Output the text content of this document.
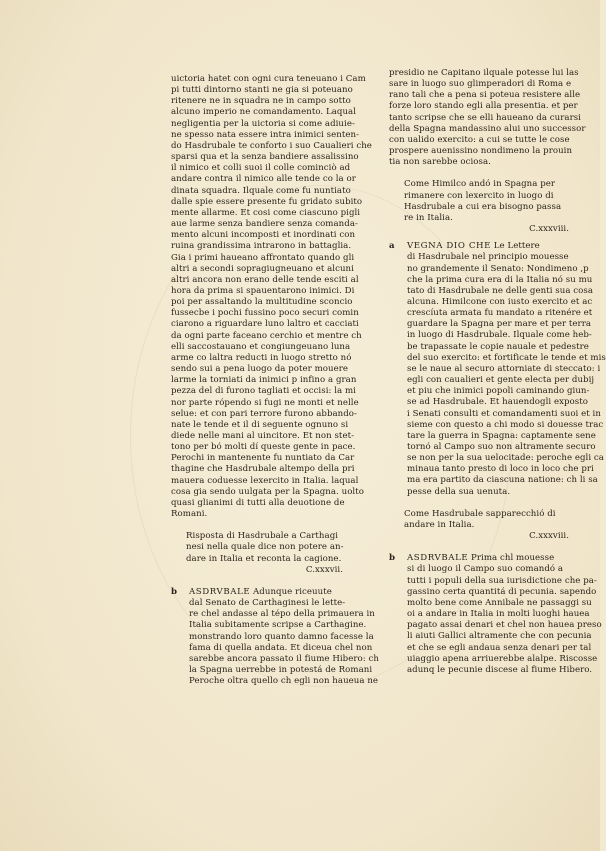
uictoria hatet con ogni cura teneuano i Cam
pi tutti dintorno stanti ne gia si poteuano
ritenere ne in squadra ne in campo sotto
alcuno imperio ne comandamento. Laqual
negligentia per la uictoria si come adiuie-
ne spesso nata essere intra inimici senten-
do Hasdrubale te conforto i suo Caualieri che
sparsi qua et la senza bandiere assalissino
il nimico et colli suoi il colle cominciò ad
andare contra il nimico alle tende co la or
dinata squadra. Ilquale come fu nuntiato
dalle spie essere presente fu gridato subito
mente allarme. Et cosi come ciascuno pigli
aue larme senza bandiere senza comanda-
mento alcuni incomposti et inordinati con
ruina grandissima intrarono in battaglia.
Gia i primi haueano affrontato quando gli
altri a secondi sopragiugneuano et alcuni
altri ancora non erano delle tende esciti al
hora da prima si spauentarono inimici. Di
poi per assaltando la multitudine sconcio
fussecbe i pochi fussino poco securi comin
ciarono a riguardare luno laltro et cacciati
da ogni parte faceano cerchio et mentre ch
elli saccostauano et congiungeuano luna
arme co laltra reducti in luogo stretto nó
sendo sui a pena luogo da poter mouere
larme la torniati da inimici p infino a gran
pezza del di furono tagliati et occisi: la mi
nor parte rópendo si fugi ne monti et nelle
selue: et con pari terrore furono abbando-
nate le tende et il di seguente ognuno si
diede nelle mani al uincitore. Et non stet-
tono per bó molti dí queste gente in pace.
Perochi in mantenente fu nuntiato da Car
thagine che Hasdrubale altempo della pri
mauera coduesse lexercito in Italia. laqual
cosa gia sendo uulgata per la Spagna. uolto
quasi glianimi di tutti alla deuotione de
Romani.
Risposta di Hasdrubale a Carthagi
nesi nella quale dice non potere an-
dare in Italia et reconta la cagione.
C.xxxvii.
b ASDRVBALE Adunque riceuute
dal Senato de Carthaginesi le lette-
re chel andasse al tépo della primauera in
Italia subitamente scripse a Carthagine.
monstrando loro quanto damno facesse la
fama di quella andata. Et diceua chel non
sarebbe ancora passato il fiume Hibero: ch
la Spagna uerrebbe in potestá de Romani
Peroche oltra quello ch egli non haueua ne
presidio ne Capitano ilquale potesse lui las
sare in luogo suo glimperadori di Roma e
rano tali che a pena si poteua resistere alle
forze loro stando egli alla presentia. et per
tanto scripse che se elli haueano da curarsi
della Spagna mandassino alui uno successor
con ualido exercito: a cui se tutte le cose
prospere auenissino nondimeno la prouin
tia non sarebbe ociosa.
Come Himilco andó in Spagna per
rimanere con lexercito in luogo di
Hasdrubale a cui era bisogno passa
re in Italia.
C.xxxviii.
a VEGNA DIO CHE Le Lettere
di Hasdrubale nel principio mouesse
no grandemente il Senato: Nondimeno ,p
che la prima cura era di la Italia nó su mu
tato di Hasdrubale ne delle genti sua cosa
alcuna. Himilcone con iusto exercito et ac
crescíuta armata fu mandato a ritenére et
guardare la Spagna per mare et per terra
in luogo di Hasdrubale. Ilquale come heb-
be trapassate le copie nauale et pedestre
del suo exercito: et fortificate le tende et mis
se le naue al securo attorniate di steccato: i
egli con caualieri et gente electa per dubij
et piu che inimici popoli caminando giun-
se ad Hasdrubale. Et hauendogli exposto
i Senati consulti et comandamenti suoi et in
sieme con questo a chi modo si douesse trac
tare la guerra in Spagna: captamente sene
tornó al Campo suo non altramente securo
se non per la sua uelocitade: peroche egli ca
minaua tanto presto di loco in loco che pri
ma era partito da ciascuna natione: ch li sa
pesse della sua uenuta.
Come Hasdrubale sapparecchió di
andare in Italia.
C.xxxviii.
b ASDRVBALE Prima chl mouesse
si di luogo il Campo suo comandó a
tutti i populi della sua iurisdictione che pa-
gassino certa quantitá di pecunia. sapendo
molto bene come Annibale ne passaggi su
oi a andare in Italia in molti luoghi hauea
pagato assai denari et chel non hauea preso
li aiuti Gallici altramente che con pecunia
et che se egli andaua senza denari per tal
uiaggio apena arriuerebbe alalpe. Riscosse
adunq le pecunie discese al fiume Hibero.
